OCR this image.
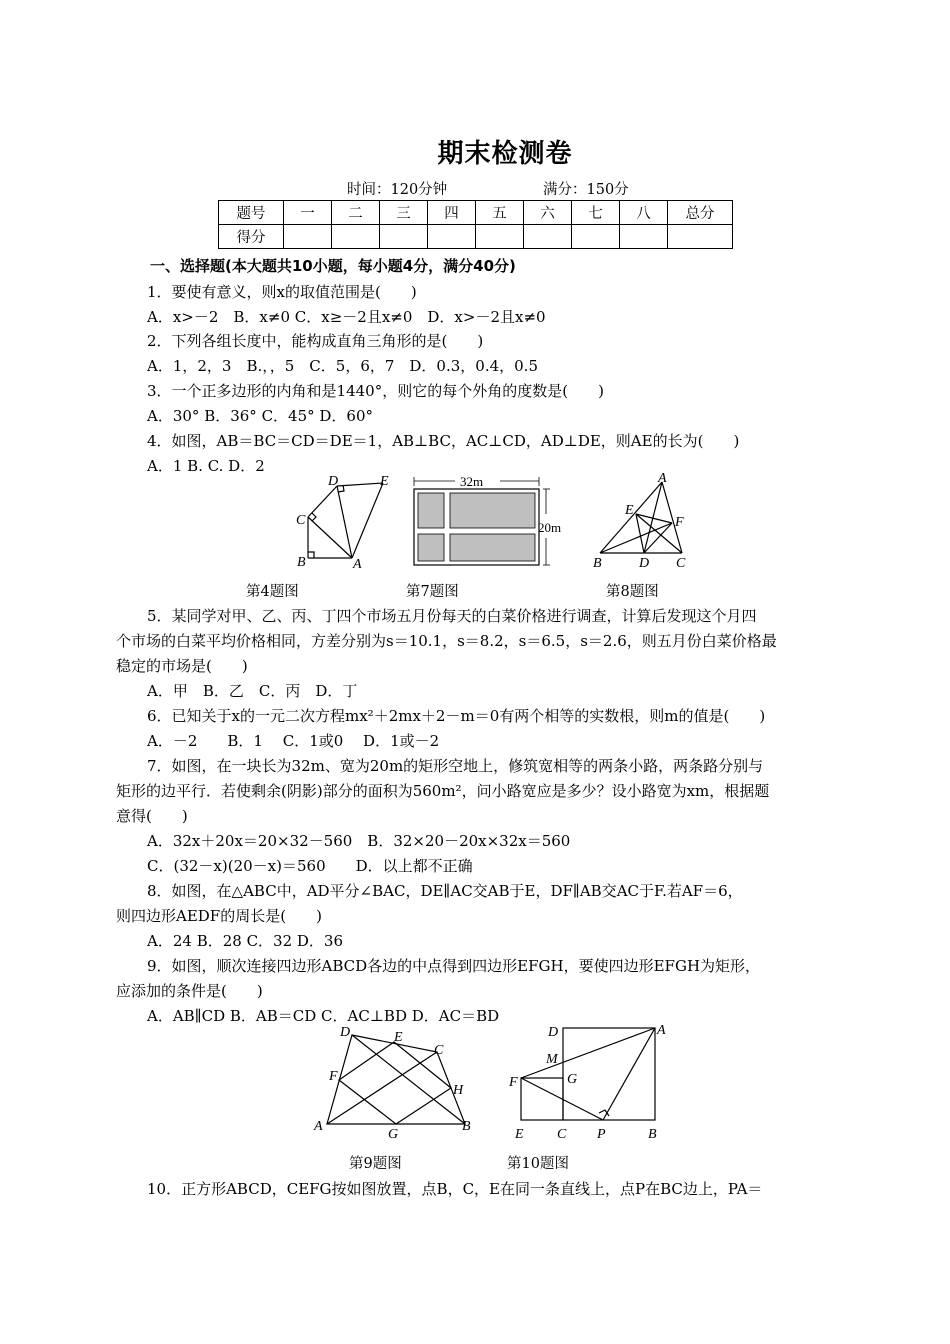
期末检测卷
时间：120分钟	满分：150分
题号	一	二	三	四	五	六	七	八	总分
得分									
一、选择题(本大题共10小题，每小题4分，满分40分)
1．要使有意义，则x的取值范围是(　　)
A．x>－2　B．x≠0 C．x≥－2且x≠0　D．x>－2且x≠0
2．下列各组长度中，能构成直角三角形的是(　　)
A．1，2，3　B.，，5　C．5，6，7　D．0.3，0.4，0.5
3．一个正多边形的内角和是1440°，则它的每个外角的度数是(　　)
A．30° B．36° C．45° D．60°
4．如图，AB＝BC＝CD＝DE＝1，AB⊥BC，AC⊥CD，AD⊥DE，则AE的长为(　　)
A．1 B. C. D．2
D	E
C
B	A
32m
20m
A
E
F
B	D C
第4题图	第7题图	第8题图
5．某同学对甲、乙、丙、丁四个市场五月份每天的白菜价格进行调查，计算后发现这个月四
个市场的白菜平均价格相同，方差分别为s＝10.1，s＝8.2，s＝6.5，s＝2.6，则五月份白菜价格最
稳定的市场是(　　)
A．甲　B．乙　C．丙　D．丁
6．已知关于x的一元二次方程mx²＋2mx＋2－m＝0有两个相等的实数根，则m的值是(　　)
A．－2　　B．1　 C．1或0　 D．1或－2
7．如图，在一块长为32m、宽为20m的矩形空地上，修筑宽相等的两条小路，两条路分别与
矩形的边平行．若使剩余(阴影)部分的面积为560m²，问小路宽应是多少？设小路宽为xm，根据题
意得(　　)
A．32x＋20x＝20×32－560　B．32×20－20x×32x＝560
C．(32－x)(20－x)＝560　　D．以上都不正确
8．如图，在△ABC中，AD平分∠BAC，DE∥AC交AB于E，DF∥AB交AC于F.若AF＝6，
则四边形AEDF的周长是(　　)
A．24 B．28 C．32 D．36
9．如图，顺次连接四边形ABCD各边的中点得到四边形EFGH，要使四边形EFGH为矩形，
应添加的条件是(　　)
A．AB∥CD B．AB＝CD C．AC⊥BD D．AC＝BD
D	E
C
F
H
A
G
B
D	A
M
G
F
E C P	B
第9题图	第10题图
10．正方形ABCD，CEFG按如图放置，点B，C，E在同一条直线上，点P在BC边上，PA＝
